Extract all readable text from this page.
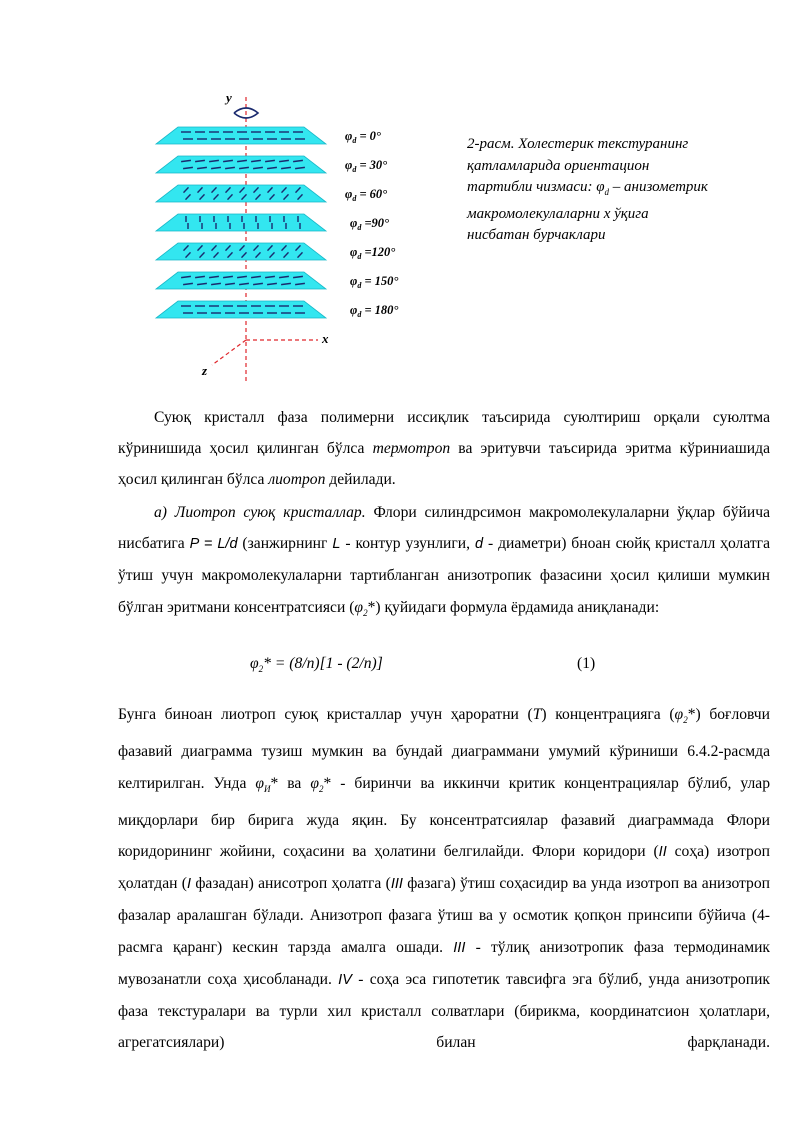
y
x
z
$\varphi_d = 0^\circ$
$\varphi_d = 30^\circ$
$\varphi_d = 60^\circ$
$\varphi_d =90^\circ$
$\varphi_d =120^\circ$
$\varphi_d = 150^\circ$
$\varphi_d = 180^\circ$
2-расм. Холестерик текстуранинг
қатламларида ориентацион
тартибли чизмаси: $\varphi_d$ – анизометрик
макромолекулаларни х ўқига
нисбатан бурчаклари
Суюқ кристалл фаза полимерни иссиқлик таъсирида суюлтириш орқали суюлтма кўринишида ҳосил қилинган бўлса термотроп ва эритувчи таъсирида эритма кўриниашида ҳосил қилинган бўлса лиотроп дейилади.
а) Лиотроп суюқ кристаллар. Флори силиндрсимон макромолекулаларни ўқлар бўйича нисбатига P = L/d (занжирнинг L - контур узунлиги, d - диаметри) бноан сюйқ кристалл ҳолатга ўтиш учун макромолекулаларни тартибланган анизотропик фазасини ҳосил қилиши мумкин бўлган эритмани консентратсияси $(\varphi_2*)$ қуйидаги формула ёрдамида аниқланади:
$\varphi_2* = (8/n)[1 - (2/n)]$	(1)
Бунга биноан лиотроп суюқ кристаллар учун ҳароратни (T) концентрацияга $(\varphi_2*)$ боғловчи фазавий диаграмма тузиш мумкин ва бундай диаграммани умумий кўриниши 6.4.2-расмда келтирилган. Унда $\varphi_И*$ ва $\varphi_2*$ - биринчи ва иккинчи критик концентрациялар бўлиб, улар миқдорлари бир бирига жуда яқин. Бу консентратсиялар фазавий диаграммада Флори коридорининг жойини, соҳасини ва ҳолатини белгилайди. Флори коридори (II соҳа) изотроп ҳолатдан (I фазадан) анисотроп ҳолатга (III фазага) ўтиш соҳасидир ва унда изотроп ва анизотроп фазалар аралашган бўлади. Анизотроп фазага ўтиш ва у осмотик қопқон принсипи бўйича (4-расмга қаранг) кескин тарзда амалга ошади. III - тўлиқ анизотропик фаза термодинамик мувозанатли соҳа ҳисобланади. IV - соҳа эса гипотетик тавсифга эга бўлиб, унда анизотропик фаза текстуралари ва турли хил кристалл солватлари (бирикма, координатсион ҳолатлари, агрегатсиялари) билан фарқланади.
